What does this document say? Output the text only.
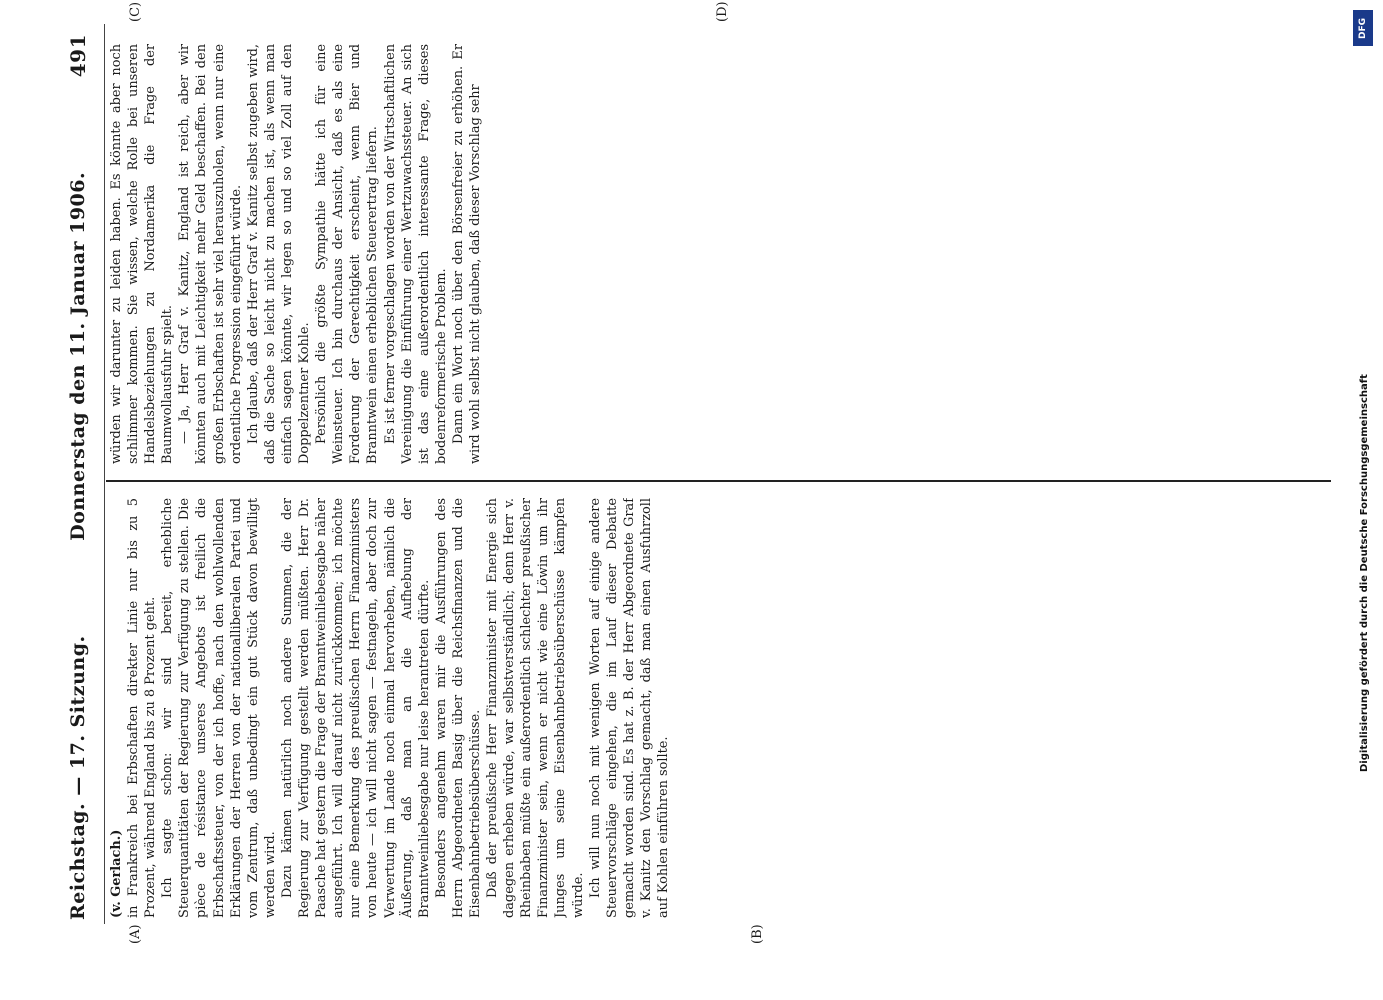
Reichstag. — 17. Sitzung.
Donnerstag den 11. Januar 1906.
491
(A)	(B)
(C)	(D)

(v. Gerlach.) in Frankreich bei Erbschaften direkter Linie nur bis zu 5 Prozent, während England bis zu 8 Prozent geht. Ich sagte schon: wir sind bereit, erhebliche Steuerquantitäten der Regierung zur Verfügung zu stellen. Die pièce de résistance unseres Angebots ist freilich die Erbschaftssteuer, von der ich hoffe, nach den wohlwollenden Erklärungen der Herren von der nationalliberalen Partei und vom Zentrum, daß unbedingt ein gut Stück davon bewilligt werden wird. Dazu kämen natürlich noch andere Summen, die der Regierung zur Verfügung gestellt werden müßten. Herr Dr. Paasche hat gestern die Frage der Branntweinliebesgabe näher ausgeführt. Ich will darauf nicht zurückkommen; ich möchte nur eine Bemerkung des preußischen Herrn Finanzministers von heute — ich will nicht sagen — festnageln, aber doch zur Verwertung im Lande noch einmal hervorheben, nämlich die Äußerung, daß man an die Aufhebung der Branntweinliebesgabe nur leise herantreten dürfte. Besonders angenehm waren mir die Ausführungen des Herrn Abgeordneten Basig über die Reichsfinanzen und die Eisenbahnbetriebsüberschüsse. Daß der preußische Herr Finanzminister mit Energie sich dagegen erheben würde, war selbstverständlich; denn Herr v. Rheinbaben müßte ein außerordentlich schlechter preußischer Finanzminister sein, wenn er nicht wie eine Löwin um ihr Junges um seine Eisenbahnbetriebsüberschüsse kämpfen würde. Ich will nun noch mit wenigen Worten auf einige andere Steuervorschläge eingehen, die im Lauf dieser Debatte gemacht worden sind. Es hat z. B. der Herr Abgeordnete Graf v. Kanitz den Vorschlag gemacht, daß man einen Ausfuhrzoll auf Kohlen einführen sollte.

würden wir darunter zu leiden haben. Es könnte aber noch schlimmer kommen. Sie wissen, welche Rolle bei unseren Handelsbeziehungen zu Nordamerika die Frage der Baumwollausfuhr spielt. — Ja, Herr Graf v. Kanitz, England ist reich, aber wir könnten auch mit Leichtigkeit mehr Geld beschaffen. Bei den großen Erbschaften ist sehr viel herauszuholen, wenn nur eine ordentliche Progression eingeführt würde. Ich glaube, daß der Herr Graf v. Kanitz selbst zugeben wird, daß die Sache so leicht nicht zu machen ist, als wenn man einfach sagen könnte, wir legen so und so viel Zoll auf den Doppelzentner Kohle. Persönlich die größte Sympathie hätte ich für eine Weinsteuer. Ich bin durchaus der Ansicht, daß es als eine Forderung der Gerechtigkeit erscheint, wenn Bier und Branntwein einen erheblichen Steuerertrag liefern. Es ist ferner vorgeschlagen worden von der Wirtschaftlichen Vereinigung die Einführung einer Wertzuwachssteuer. An sich ist das eine außerordentlich interessante Frage, dieses bodenreformerische Problem. Dann ein Wort noch über den Börsenfreier zu erhöhen. Er wird wohl selbst nicht glauben, daß dieser Vorschlag sehr

DFG
Digitalisierung gefördert durch die Deutsche Forschungsgemeinschaft
